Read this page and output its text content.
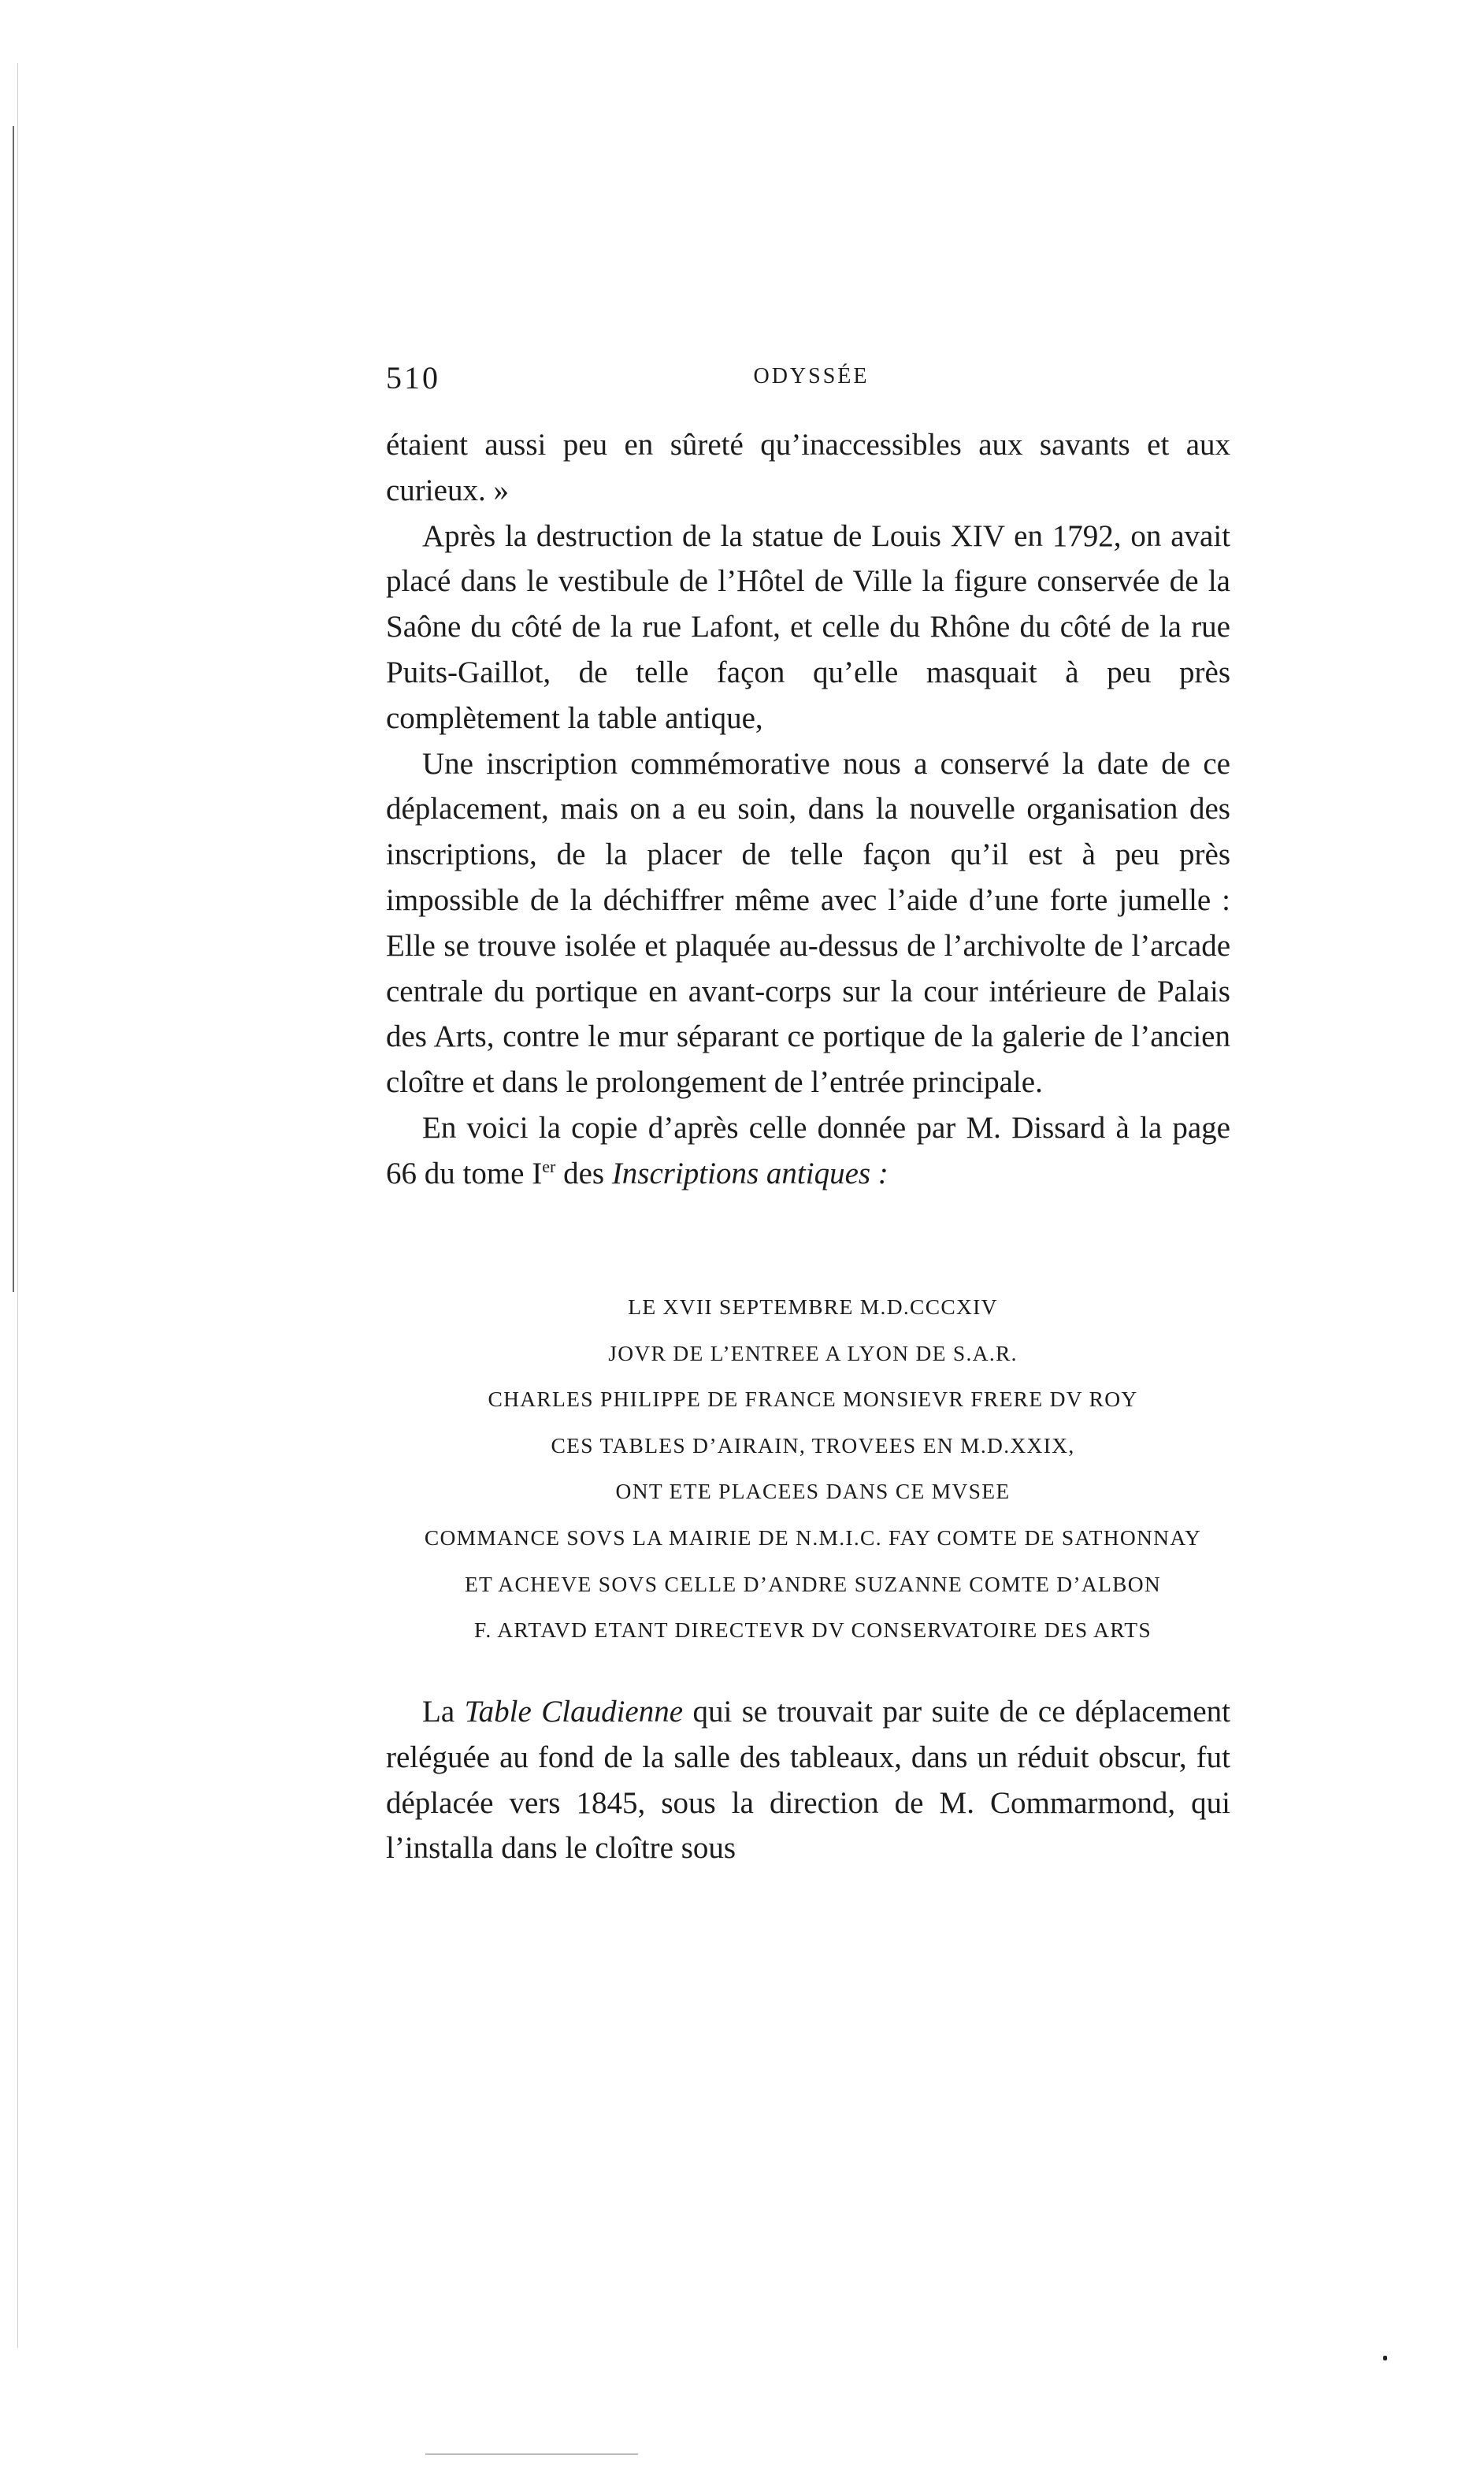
510	ODYSSÉE

étaient aussi peu en sûreté qu’inaccessibles aux savants et aux curieux. »

Après la destruction de la statue de Louis XIV en 1792, on avait placé dans le vestibule de l’Hôtel de Ville la figure conservée de la Saône du côté de la rue Lafont, et celle du Rhône du côté de la rue Puits-Gaillot, de telle façon qu’elle masquait à peu près complètement la table antique,

Une inscription commémorative nous a conservé la date de ce déplacement, mais on a eu soin, dans la nouvelle organisation des inscriptions, de la placer de telle façon qu’il est à peu près impossible de la déchiffrer même avec l’aide d’une forte jumelle : Elle se trouve isolée et plaquée au-dessus de l’archivolte de l’arcade centrale du portique en avant-corps sur la cour intérieure de Palais des Arts, contre le mur séparant ce portique de la galerie de l’ancien cloître et dans le prolongement de l’entrée principale.

En voici la copie d’après celle donnée par M. Dissard à la page 66 du tome Ier des Inscriptions antiques :

LE XVII SEPTEMBRE M.D.CCCXIV
JOVR DE L’ENTREE A LYON DE S.A.R.
CHARLES PHILIPPE DE FRANCE MONSIEVR FRERE DV ROY
CES TABLES D’AIRAIN, TROVEES EN M.D.XXIX,
ONT ETE PLACEES DANS CE MVSEE
COMMANCE SOVS LA MAIRIE DE N.M.I.C. FAY COMTE DE SATHONNAY
ET ACHEVE SOVS CELLE D’ANDRE SUZANNE COMTE D’ALBON
F. ARTAVD ETANT DIRECTEVR DV CONSERVATOIRE DES ARTS

La Table Claudienne qui se trouvait par suite de ce déplacement reléguée au fond de la salle des tableaux, dans un réduit obscur, fut déplacée vers 1845, sous la direction de M. Commarmond, qui l’installa dans le cloître sous
